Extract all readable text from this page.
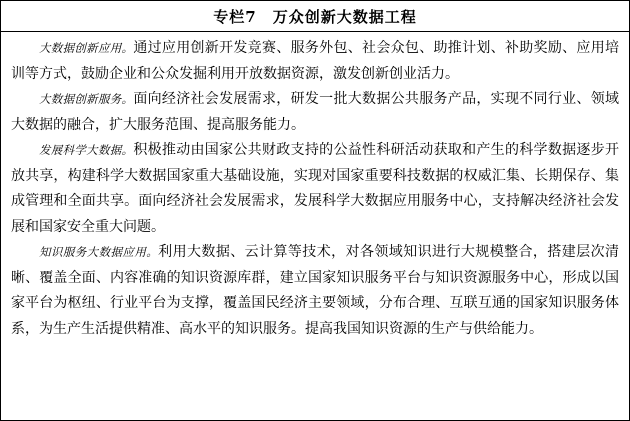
专栏7　万众创新大数据工程

大数据创新应用。通过应用创新开发竞赛、服务外包、社会众包、助推计划、补助奖励、应用培训等方式，鼓励企业和公众发掘利用开放数据资源，激发创新创业活力。

大数据创新服务。面向经济社会发展需求，研发一批大数据公共服务产品，实现不同行业、领域大数据的融合，扩大服务范围、提高服务能力。

发展科学大数据。积极推动由国家公共财政支持的公益性科研活动获取和产生的科学数据逐步开放共享，构建科学大数据国家重大基础设施，实现对国家重要科技数据的权威汇集、长期保存、集成管理和全面共享。面向经济社会发展需求，发展科学大数据应用服务中心，支持解决经济社会发展和国家安全重大问题。

知识服务大数据应用。利用大数据、云计算等技术，对各领域知识进行大规模整合，搭建层次清晰、覆盖全面、内容准确的知识资源库群，建立国家知识服务平台与知识资源服务中心，形成以国家平台为枢纽、行业平台为支撑，覆盖国民经济主要领域，分布合理、互联互通的国家知识服务体系，为生产生活提供精准、高水平的知识服务。提高我国知识资源的生产与供给能力。
